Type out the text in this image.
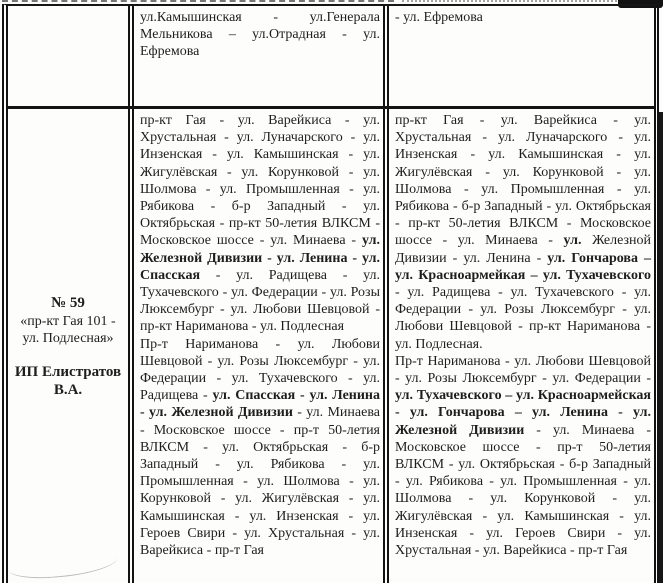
ул.Камышинская - ул.Генерала Мельникова – ул.Отрадная - ул. Ефремова

- ул. Ефремова

№ 59
«пр-кт Гая 101 - ул. Подлесная»
ИП Елистратов В.А.

пр-кт Гая - ул. Варейкиса - ул. Хрустальная - ул. Луначарского - ул. Инзенская - ул. Камышинская - ул. Жигулёвская - ул. Корунковой - ул. Шолмова - ул. Промышленная - ул. Рябикова - б-р Западный - ул. Октябрьская - пр-кт 50-летия ВЛКСМ - Московское шоссе - ул. Минаева - ул. Железной Дивизии - ул. Ленина - ул. Спасская - ул. Радищева - ул. Тухачевского - ул. Федерации - ул. Розы Люксембург - ул. Любови Шевцовой - пр-кт Нариманова - ул. Подлесная

Пр-т Нариманова - ул. Любови Шевцовой - ул. Розы Люксембург - ул. Федерации - ул. Тухачевского - ул. Радищева - ул. Спасская - ул. Ленина - ул. Железной Дивизии - ул. Минаева - Московское шоссе - пр-т 50-летия ВЛКСМ - ул. Октябрьская - б-р Западный - ул. Рябикова - ул. Промышленная - ул. Шолмова - ул. Корунковой - ул. Жигулёвская - ул. Камышинская - ул. Инзенская - ул. Героев Свири - ул. Хрустальная - ул. Варейкиса - пр-т Гая

пр-кт Гая - ул. Варейкиса - ул. Хрустальная - ул. Луначарского - ул. Инзенская - ул. Камышинская - ул. Жигулёвская - ул. Корунковой - ул. Шолмова - ул. Промышленная - ул. Рябикова - б-р Западный - ул. Октябрьская - пр-кт 50-летия ВЛКСМ - Московское шоссе - ул. Минаева - ул. Железной Дивизии - ул. Ленина - ул. Гончарова – ул. Красноармейкая – ул. Тухачевского - ул. Радищева - ул. Тухачевского - ул. Федерации - ул. Розы Люксембург - ул. Любови Шевцовой - пр-кт Нариманова - ул. Подлесная.

Пр-т Нариманова - ул. Любови Шевцовой - ул. Розы Люксембург - ул. Федерации - ул. Тухачевского – ул. Красноармейская - ул. Гончарова – ул. Ленина - ул. Железной Дивизии - ул. Минаева - Московское шоссе - пр-т 50-летия ВЛКСМ - ул. Октябрьская - б-р Западный - ул. Рябикова - ул. Промышленная - ул. Шолмова - ул. Корунковой - ул. Жигулёвская - ул. Камышинская - ул. Инзенская - ул. Героев Свири - ул. Хрустальная - ул. Варейкиса - пр-т Гая
